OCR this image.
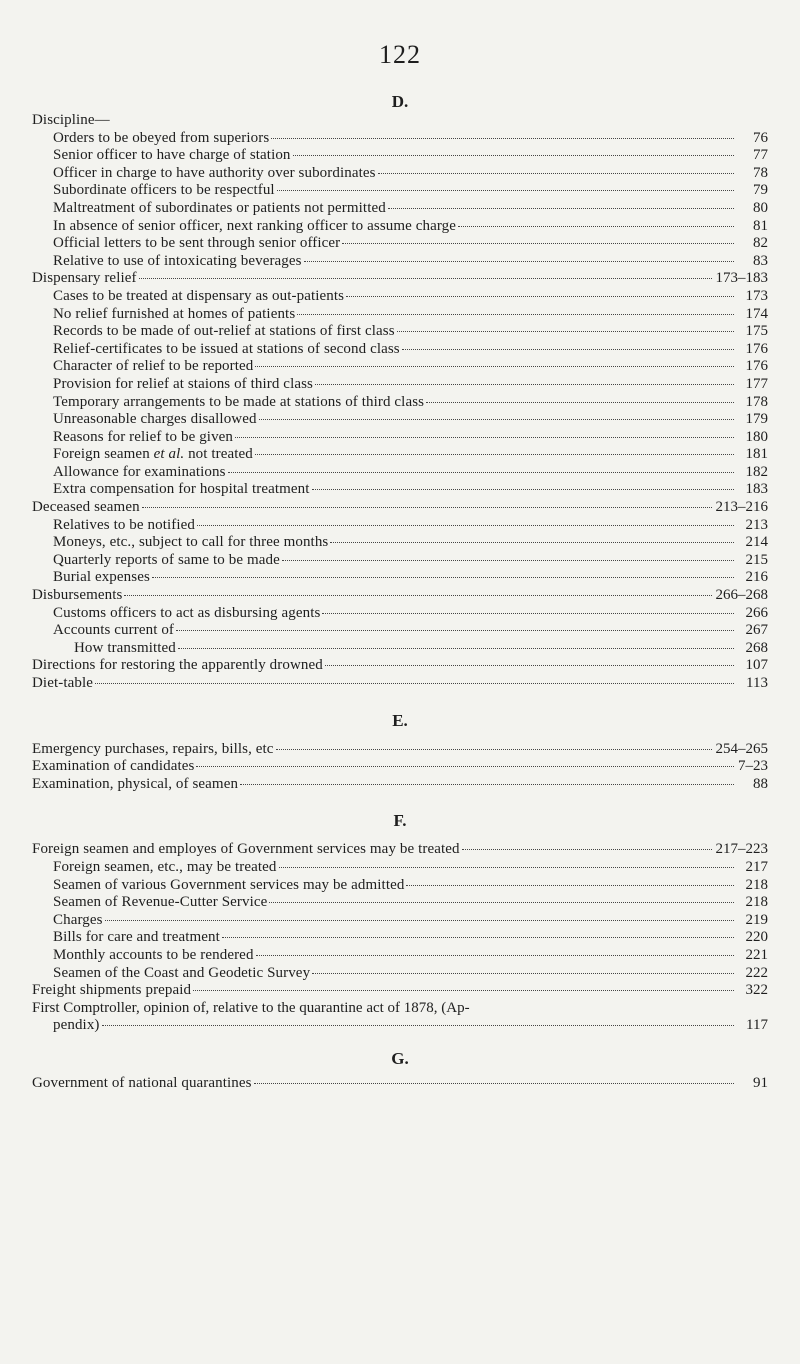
122
D.
Discipline—
Orders to be obeyed from superiors	76
Senior officer to have charge of station	77
Officer in charge to have authority over subordinates	78
Subordinate officers to be respectful	79
Maltreatment of subordinates or patients not permitted	80
In absence of senior officer, next ranking officer to assume charge	81
Official letters to be sent through senior officer	82
Relative to use of intoxicating beverages	83
Dispensary relief	173–183
Cases to be treated at dispensary as out-patients	173
No relief furnished at homes of patients	174
Records to be made of out-relief at stations of first class	175
Relief-certificates to be issued at stations of second class	176
Character of relief to be reported	176
Provision for relief at staions of third class	177
Temporary arrangements to be made at stations of third class	178
Unreasonable charges disallowed	179
Reasons for relief to be given	180
Foreign seamen et al. not treated	181
Allowance for examinations	182
Extra compensation for hospital treatment	183
Deceased seamen	213–216
Relatives to be notified	213
Moneys, etc., subject to call for three months	214
Quarterly reports of same to be made	215
Burial expenses	216
Disbursements	266–268
Customs officers to act as disbursing agents	266
Accounts current of	267
How transmitted	268
Directions for restoring the apparently drowned	107
Diet-table	113
E.
Emergency purchases, repairs, bills, etc	254–265
Examination of candidates	7–23
Examination, physical, of seamen	88
F.
Foreign seamen and employes of Government services may be treated	217–223
Foreign seamen, etc., may be treated	217
Seamen of various Government services may be admitted	218
Seamen of Revenue-Cutter Service	218
Charges	219
Bills for care and treatment	220
Monthly accounts to be rendered	221
Seamen of the Coast and Geodetic Survey	222
Freight shipments prepaid	322
First Comptroller, opinion of, relative to the quarantine act of 1878, (Ap-
pendix)	117
G.
Government of national quarantines	91
